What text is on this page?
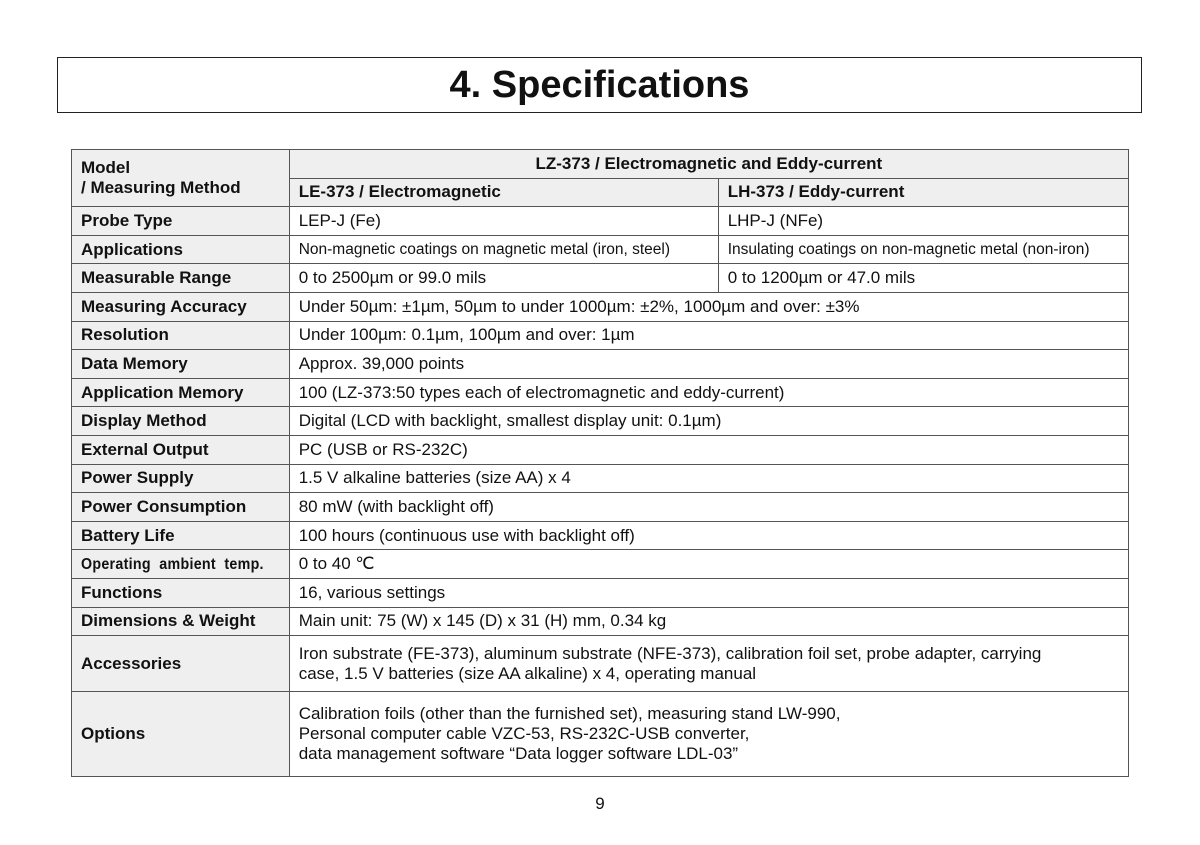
4. Specifications
Model
/ Measuring Method	LZ-373 / Electromagnetic and Eddy-current	
	LE-373 / Electromagnetic	LH-373 / Eddy-current
Probe Type	LEP-J (Fe)	LHP-J (NFe)
Applications	Non-magnetic coatings on magnetic metal (iron, steel)	Insulating coatings on non-magnetic metal (non-iron)
Measurable Range	0 to 2500µm or 99.0 mils	0 to 1200µm or 47.0 mils
Measuring Accuracy	Under 50µm: ±1µm, 50µm to under 1000µm: ±2%, 1000µm and over: ±3%	
Resolution	Under 100µm: 0.1µm, 100µm and over: 1µm	
Data Memory	Approx. 39,000 points	
Application Memory	100 (LZ-373:50 types each of electromagnetic and eddy-current)	
Display Method	Digital (LCD with backlight, smallest display unit: 0.1µm)	
External Output	PC (USB or RS-232C)	
Power Supply	1.5 V alkaline batteries (size AA) x 4	
Power Consumption	80 mW (with backlight off)	
Battery Life	100 hours (continuous use with backlight off)	
Operating  ambient  temp.	0 to 40 ℃	
Functions	16, various settings	
Dimensions & Weight	Main unit: 75 (W) x 145 (D) x 31 (H) mm, 0.34 kg	
Accessories	Iron substrate (FE-373), aluminum substrate (NFE-373), calibration foil set, probe adapter, carrying
case, 1.5 V batteries (size AA alkaline) x 4, operating manual	

Options	Calibration foils (other than the furnished set), measuring stand LW-990,
Personal computer cable VZC-53, RS-232C-USB converter,
data management software “Data logger software LDL-03”	
9
